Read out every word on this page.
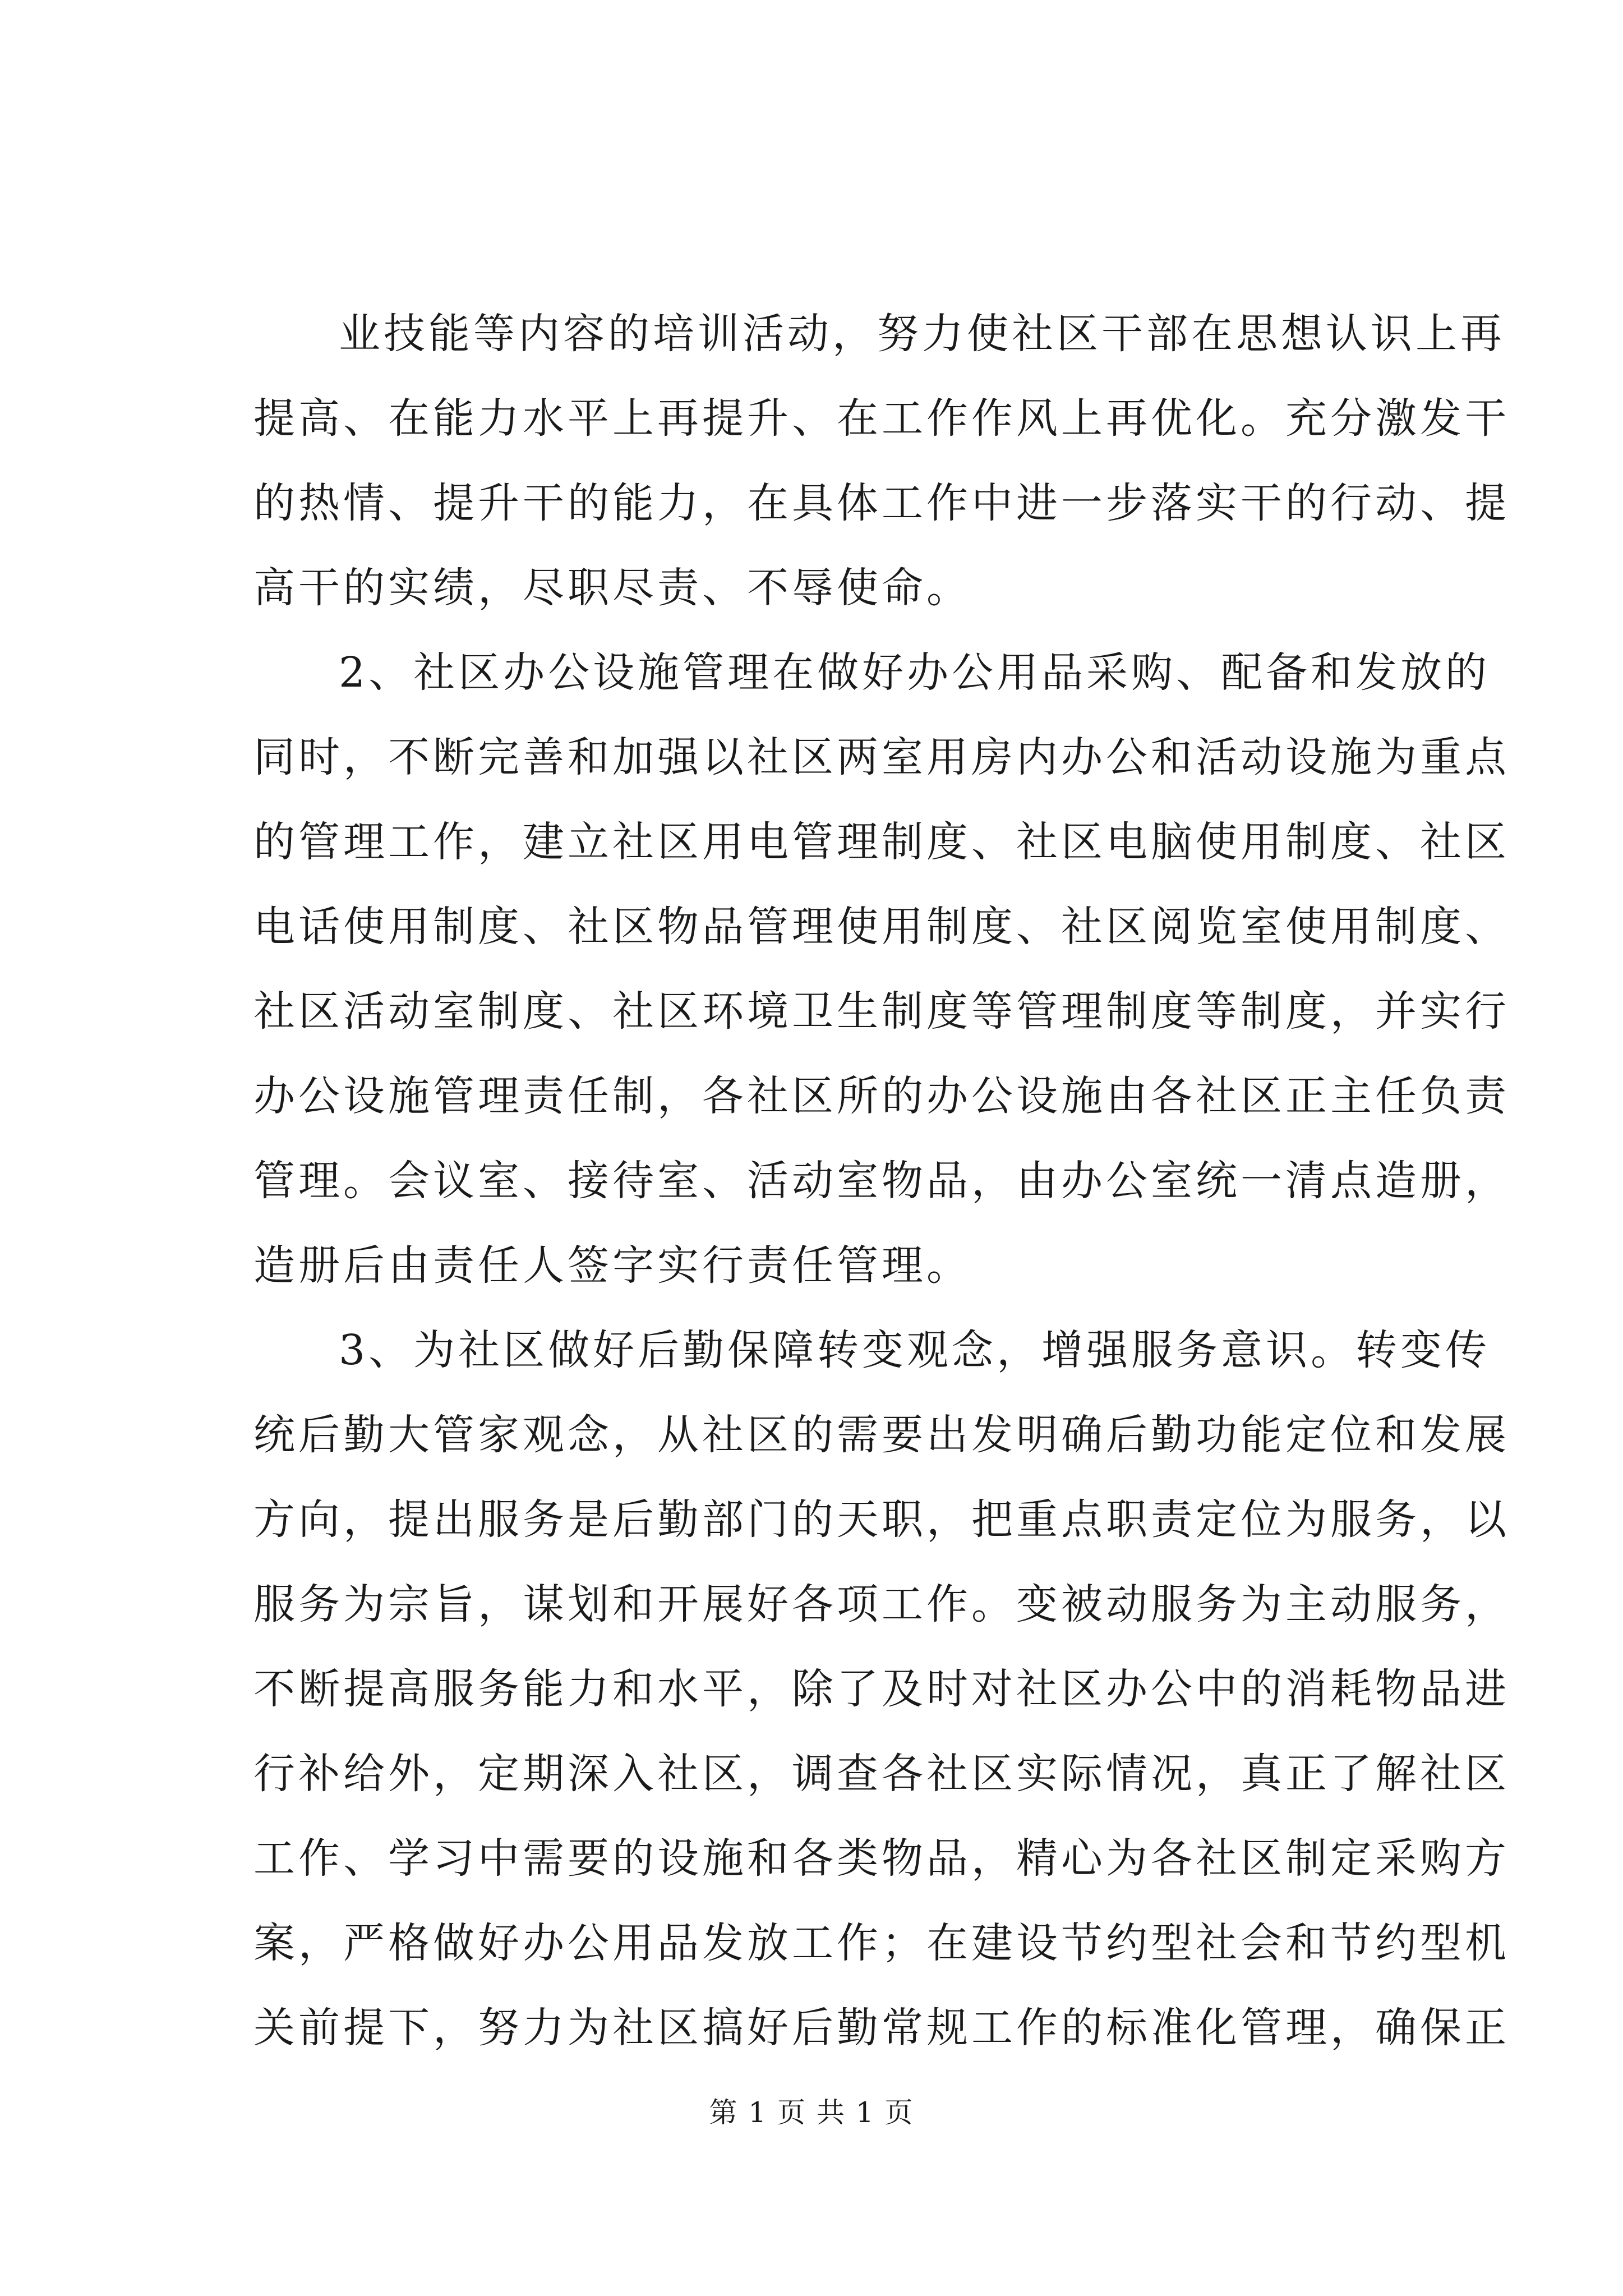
业技能等内容的培训活动，努力使社区干部在思想认识上再
提高、在能力水平上再提升、在工作作风上再优化。充分激发干
的热情、提升干的能力，在具体工作中进一步落实干的行动、提
高干的实绩，尽职尽责、不辱使命。
2、社区办公设施管理在做好办公用品采购、配备和发放的
同时，不断完善和加强以社区两室用房内办公和活动设施为重点
的管理工作，建立社区用电管理制度、社区电脑使用制度、社区
电话使用制度、社区物品管理使用制度、社区阅览室使用制度、
社区活动室制度、社区环境卫生制度等管理制度等制度，并实行
办公设施管理责任制，各社区所的办公设施由各社区正主任负责
管理。会议室、接待室、活动室物品，由办公室统一清点造册，
造册后由责任人签字实行责任管理。
3、为社区做好后勤保障转变观念，增强服务意识。转变传
统后勤大管家观念，从社区的需要出发明确后勤功能定位和发展
方向，提出服务是后勤部门的天职，把重点职责定位为服务，以
服务为宗旨，谋划和开展好各项工作。变被动服务为主动服务，
不断提高服务能力和水平，除了及时对社区办公中的消耗物品进
行补给外，定期深入社区，调查各社区实际情况，真正了解社区
工作、学习中需要的设施和各类物品，精心为各社区制定采购方
案，严格做好办公用品发放工作；在建设节约型社会和节约型机
关前提下，努力为社区搞好后勤常规工作的标准化管理，确保正
第 1 页 共 1 页
